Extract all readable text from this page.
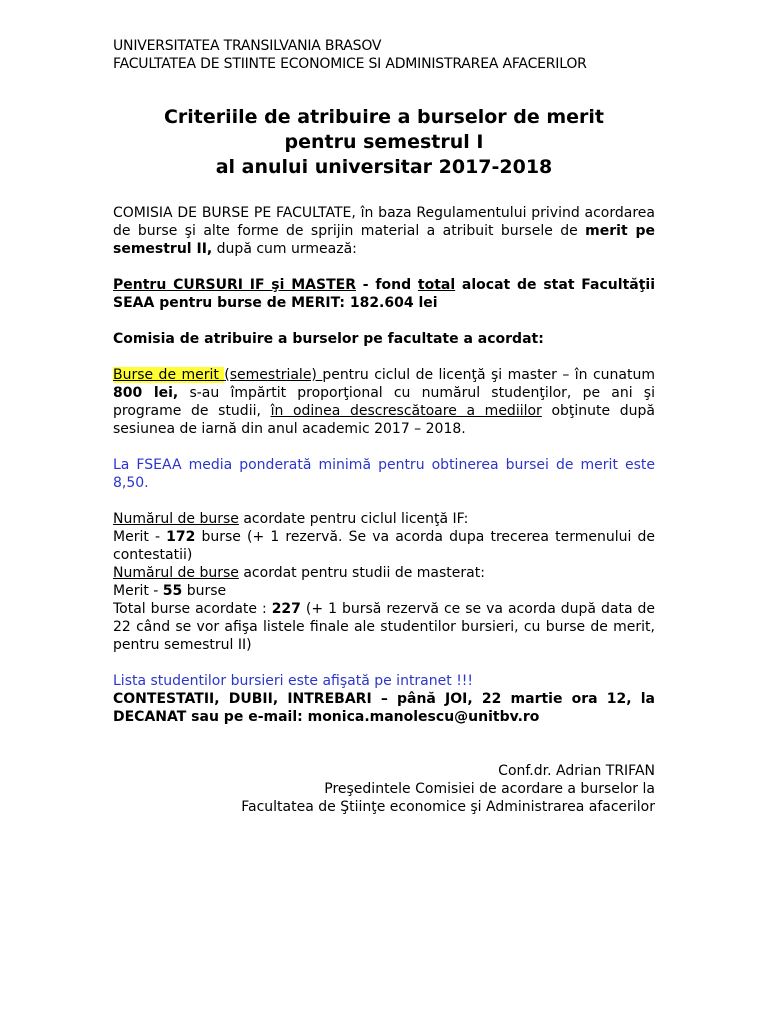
UNIVERSITATEA TRANSILVANIA BRASOV
FACULTATEA DE STIINTE ECONOMICE SI ADMINISTRAREA AFACERILOR
Criteriile de atribuire a burselor de merit
pentru semestrul I
al anului universitar 2017-2018

COMISIA DE BURSE PE FACULTATE, în baza Regulamentului privind acordarea de burse şi alte forme de sprijin material a atribuit bursele de merit pe semestrul II, după cum urmează:

Pentru CURSURI IF şi MASTER - fond total alocat de stat Facultăţii SEAA pentru burse de MERIT: 182.604 lei

Comisia de atribuire a burselor pe facultate a acordat:

Burse de merit (semestriale) pentru ciclul de licenţă şi master – în cunatum 800 lei, s-au împărtit proporţional cu numărul studenţilor, pe ani şi programe de studii, în odinea descrescătoare a mediilor obţinute după sesiunea de iarnă din anul academic 2017 – 2018.

La FSEAA media ponderată minimă pentru obtinerea bursei de merit este 8,50.

Numărul de burse acordate pentru ciclul licenţă IF:

Merit - 172 burse (+ 1 rezervă. Se va acorda dupa trecerea termenului de contestatii)

Numărul de burse acordat pentru studii de masterat:

Merit - 55 burse

Total burse acordate : 227 (+ 1 bursă rezervă ce se va acorda după data de 22 când se vor afişa listele finale ale studentilor bursieri, cu burse de merit, pentru semestrul II)

Lista studentilor bursieri este afişată pe intranet !!!

CONTESTATII, DUBII, INTREBARI – până JOI, 22 martie ora 12, la DECANAT sau pe e-mail: monica.manolescu@unitbv.ro

Conf.dr. Adrian TRIFAN
Preşedintele Comisiei de acordare a burselor la
Facultatea de Ştiinţe economice şi Administrarea afacerilor
